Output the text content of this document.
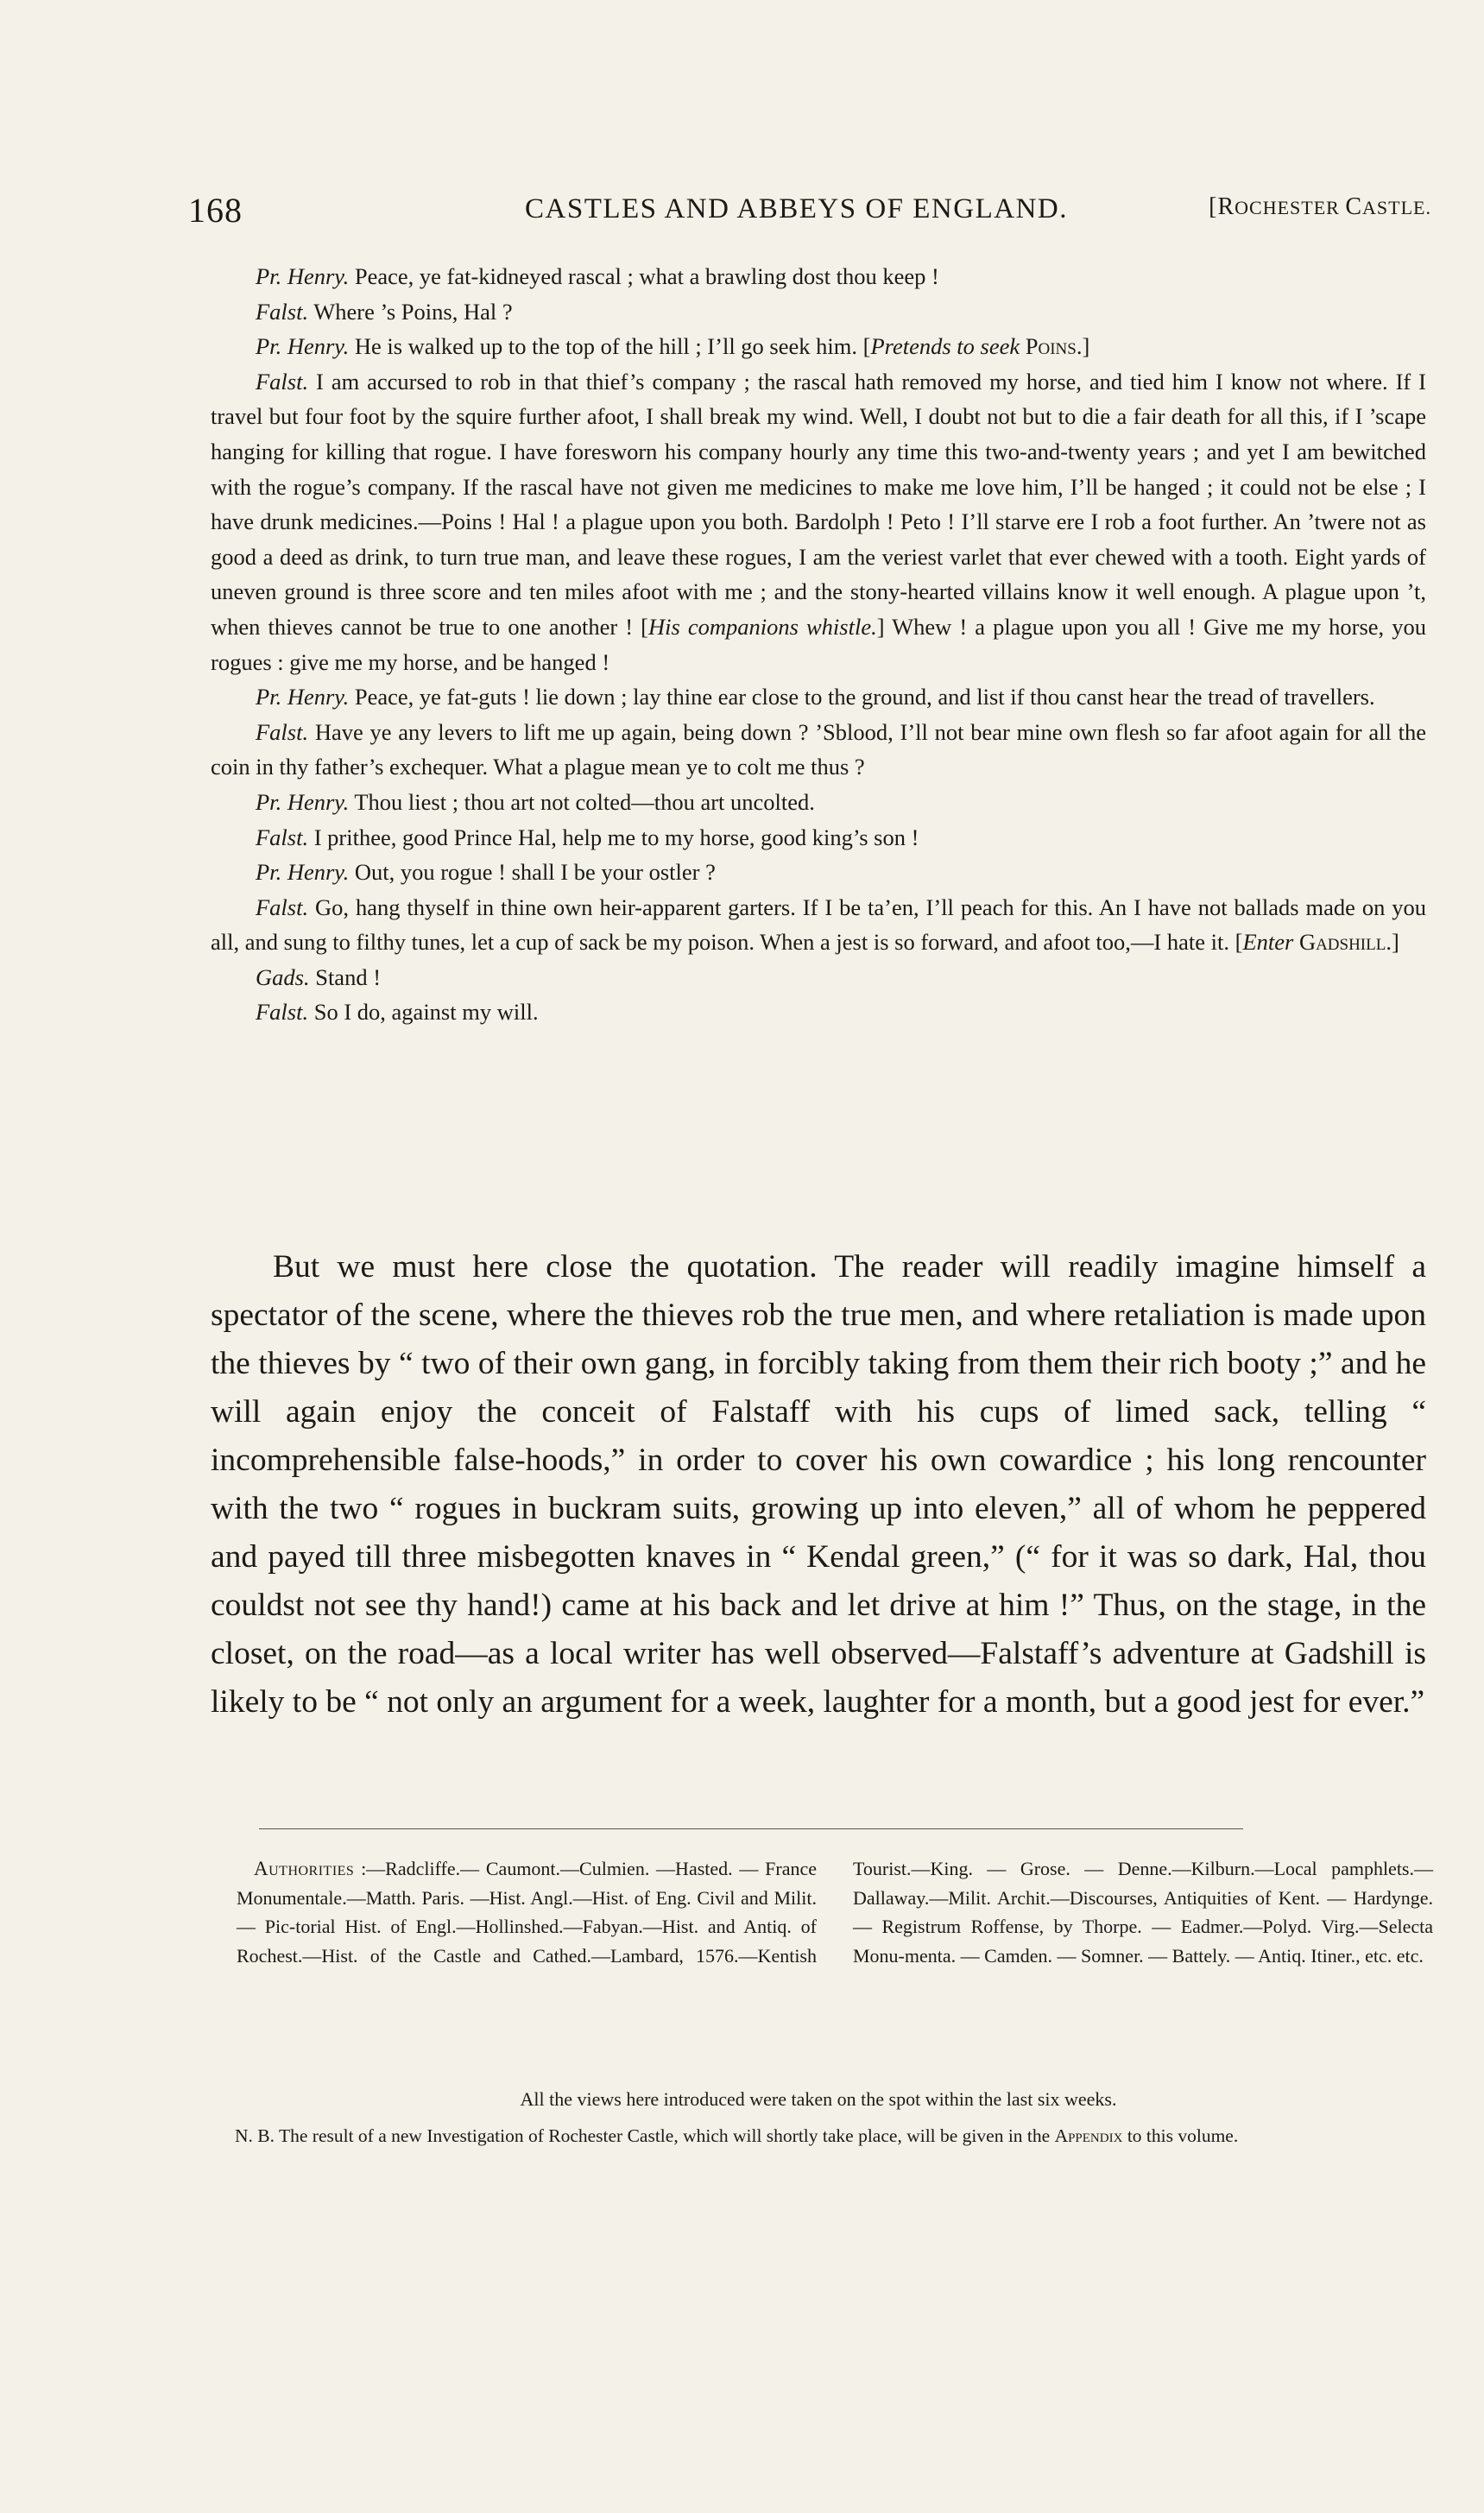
168	CASTLES AND ABBEYS OF ENGLAND.	[ROCHESTER CASTLE.

Pr. Henry. Peace, ye fat-kidneyed rascal ; what a brawling dost thou keep !

Falst. Where ’s Poins, Hal ?

Pr. Henry. He is walked up to the top of the hill ; I’ll go seek him. [Pretends to seek Poins.]

Falst. I am accursed to rob in that thief’s company ; the rascal hath removed my horse, and tied him I know not where. If I travel but four foot by the squire further afoot, I shall break my wind. Well, I doubt not but to die a fair death for all this, if I ’scape hanging for killing that rogue. I have foresworn his company hourly any time this two-and-twenty years ; and yet I am bewitched with the rogue’s company. If the rascal have not given me medicines to make me love him, I’ll be hanged ; it could not be else ; I have drunk medicines.—Poins ! Hal ! a plague upon you both. Bardolph ! Peto ! I’ll starve ere I rob a foot further. An ’twere not as good a deed as drink, to turn true man, and leave these rogues, I am the veriest varlet that ever chewed with a tooth. Eight yards of uneven ground is three score and ten miles afoot with me ; and the stony-hearted villains know it well enough. A plague upon ’t, when thieves cannot be true to one another ! [His companions whistle.] Whew ! a plague upon you all ! Give me my horse, you rogues : give me my horse, and be hanged !

Pr. Henry. Peace, ye fat-guts ! lie down ; lay thine ear close to the ground, and list if thou canst hear the tread of travellers.

Falst. Have ye any levers to lift me up again, being down ? ’Sblood, I’ll not bear mine own flesh so far afoot again for all the coin in thy father’s exchequer. What a plague mean ye to colt me thus ?

Pr. Henry. Thou liest ; thou art not colted—thou art uncolted.

Falst. I prithee, good Prince Hal, help me to my horse, good king’s son !

Pr. Henry. Out, you rogue ! shall I be your ostler ?

Falst. Go, hang thyself in thine own heir-apparent garters. If I be ta’en, I’ll peach for this. An I have not ballads made on you all, and sung to filthy tunes, let a cup of sack be my poison. When a jest is so forward, and afoot too,—I hate it. [Enter Gadshill.]

Gads. Stand !

Falst. So I do, against my will.

But we must here close the quotation. The reader will readily imagine himself a spectator of the scene, where the thieves rob the true men, and where retaliation is made upon the thieves by “ two of their own gang, in forcibly taking from them their rich booty ;” and he will again enjoy the conceit of Falstaff with his cups of limed sack, telling “ incomprehensible false-hoods,” in order to cover his own cowardice ; his long rencounter with the two “ rogues in buckram suits, growing up into eleven,” all of whom he peppered and payed till three misbegotten knaves in “ Kendal green,” (“ for it was so dark, Hal, thou couldst not see thy hand!) came at his back and let drive at him !” Thus, on the stage, in the closet, on the road—as a local writer has well observed—Falstaff’s adventure at Gadshill is likely to be “ not only an argument for a week, laughter for a month, but a good jest for ever.”

Authorities :—Radcliffe.— Caumont.—Culmien. —Hasted. — France Monumentale.—Matth. Paris. —Hist. Angl.—Hist. of Eng. Civil and Milit. — Pic-torial Hist. of Engl.—Hollinshed.—Fabyan.—Hist. and Antiq. of Rochest.—Hist. of the Castle and Cathed.—Lambard, 1576.—Kentish Tourist.—King. — Grose. — Denne.—Kilburn.—Local pamphlets.— Dallaway.—Milit. Archit.—Discourses, Antiquities of Kent. — Hardynge. — Registrum Roffense, by Thorpe. — Eadmer.—Polyd. Virg.—Selecta Monu-menta. — Camden. — Somner. — Battely. — Antiq. Itiner., etc. etc.

All the views here introduced were taken on the spot within the last six weeks.

N. B. The result of a new Investigation of Rochester Castle, which will shortly take place, will be given in the Appendix to this volume.
